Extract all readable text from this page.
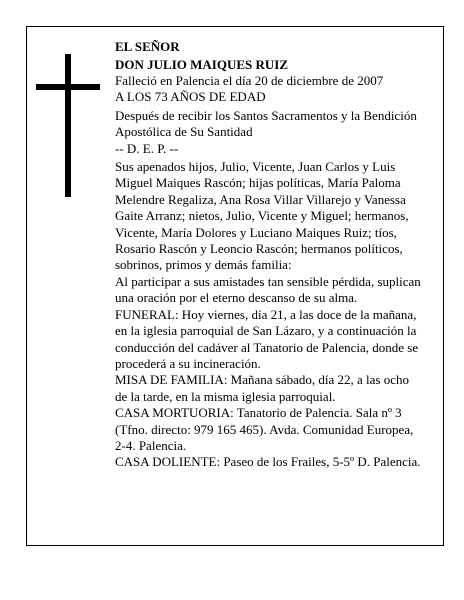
EL SEÑOR

DON JULIO MAIQUES RUIZ

Falleció en Palencia el día 20 de diciembre de 2007

A LOS 73 AÑOS DE EDAD

Después de recibir los Santos Sacramentos y la Bendición Apostólica de Su Santidad

-- D. E. P. --

Sus apenados hijos, Julio, Vicente, Juan Carlos y Luis Miguel Maiques Rascón; hijas políticas, María Paloma Melendre Regaliza, Ana Rosa Villar Villarejo y Vanessa Gaite Arranz; nietos, Julio, Vicente y Miguel; hermanos, Vicente, María Dolores y Luciano Maiques Ruiz; tíos, Rosario Rascón y Leoncio Rascón; hermanos políticos, sobrinos, primos y demás familia:

Al participar a sus amistades tan sensible pérdida, suplican una oración por el eterno descanso de su alma.

FUNERAL: Hoy viernes, día 21, a las doce de la mañana, en la iglesia parroquial de San Lázaro, y a continuación la conducción del cadáver al Tanatorio de Palencia, donde se procederá a su incineración.

MISA DE FAMILIA: Mañana sábado, día 22, a las ocho de la tarde, en la misma iglesia parroquial.

CASA MORTUORIA: Tanatorio de Palencia. Sala nº 3 (Tfno. directo: 979 165 465). Avda. Comunidad Europea, 2-4. Palencia.

CASA DOLIENTE: Paseo de los Frailes, 5-5º D. Palencia.
